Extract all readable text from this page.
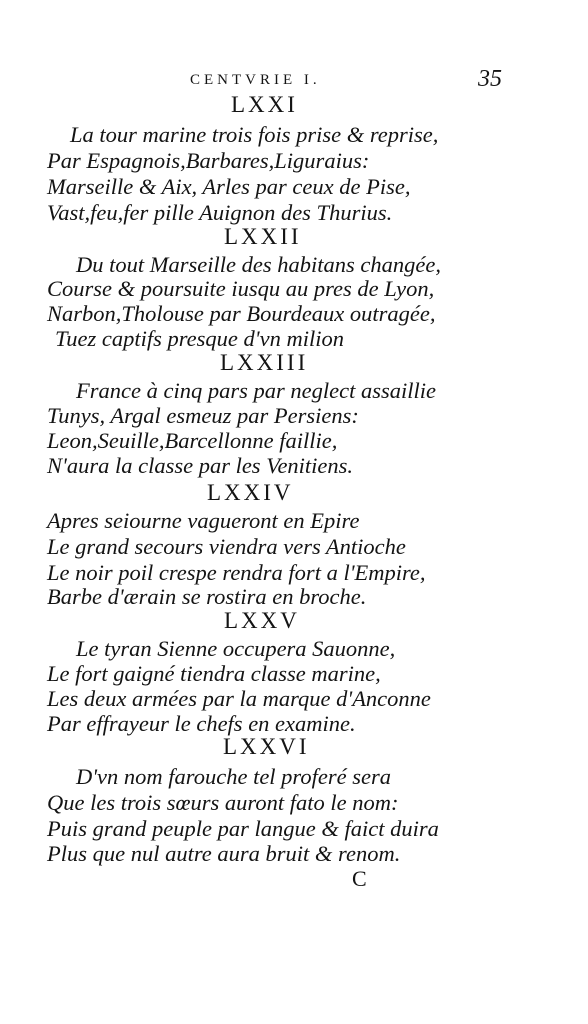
CENTVRIE I.	35
LXXI
La tour marine trois fois prise & reprise,
Par Espagnois,Barbares,Liguraius:
Marseille & Aix, Arles par ceux de Pise,
Vast,feu,fer pille Auignon des Thurius.
LXXII
Du tout Marseille des habitans changée,
Course & poursuite iusqu au pres de Lyon,
Narbon,Tholouse par Bourdeaux outragée,
Tuez captifs presque d'vn milion
LXXIII
France à cinq pars par neglect assaillie
Tunys, Argal esmeuz par Persiens:
Leon,Seuille,Barcellonne faillie,
N'aura la classe par les Venitiens.
LXXIV
Apres seiourne vagueront en Epire
Le grand secours viendra vers Antioche
Le noir poil crespe rendra fort a l'Empire,
Barbe d'ærain se rostira en broche.
LXXV
Le tyran Sienne occupera Sauonne,
Le fort gaigné tiendra classe marine,
Les deux armées par la marque d'Anconne
Par effrayeur le chefs en examine.
LXXVI
D'vn nom farouche tel proferé sera
Que les trois sœurs auront fato le nom:
Puis grand peuple par langue & faict duira
Plus que nul autre aura bruit & renom.
C
